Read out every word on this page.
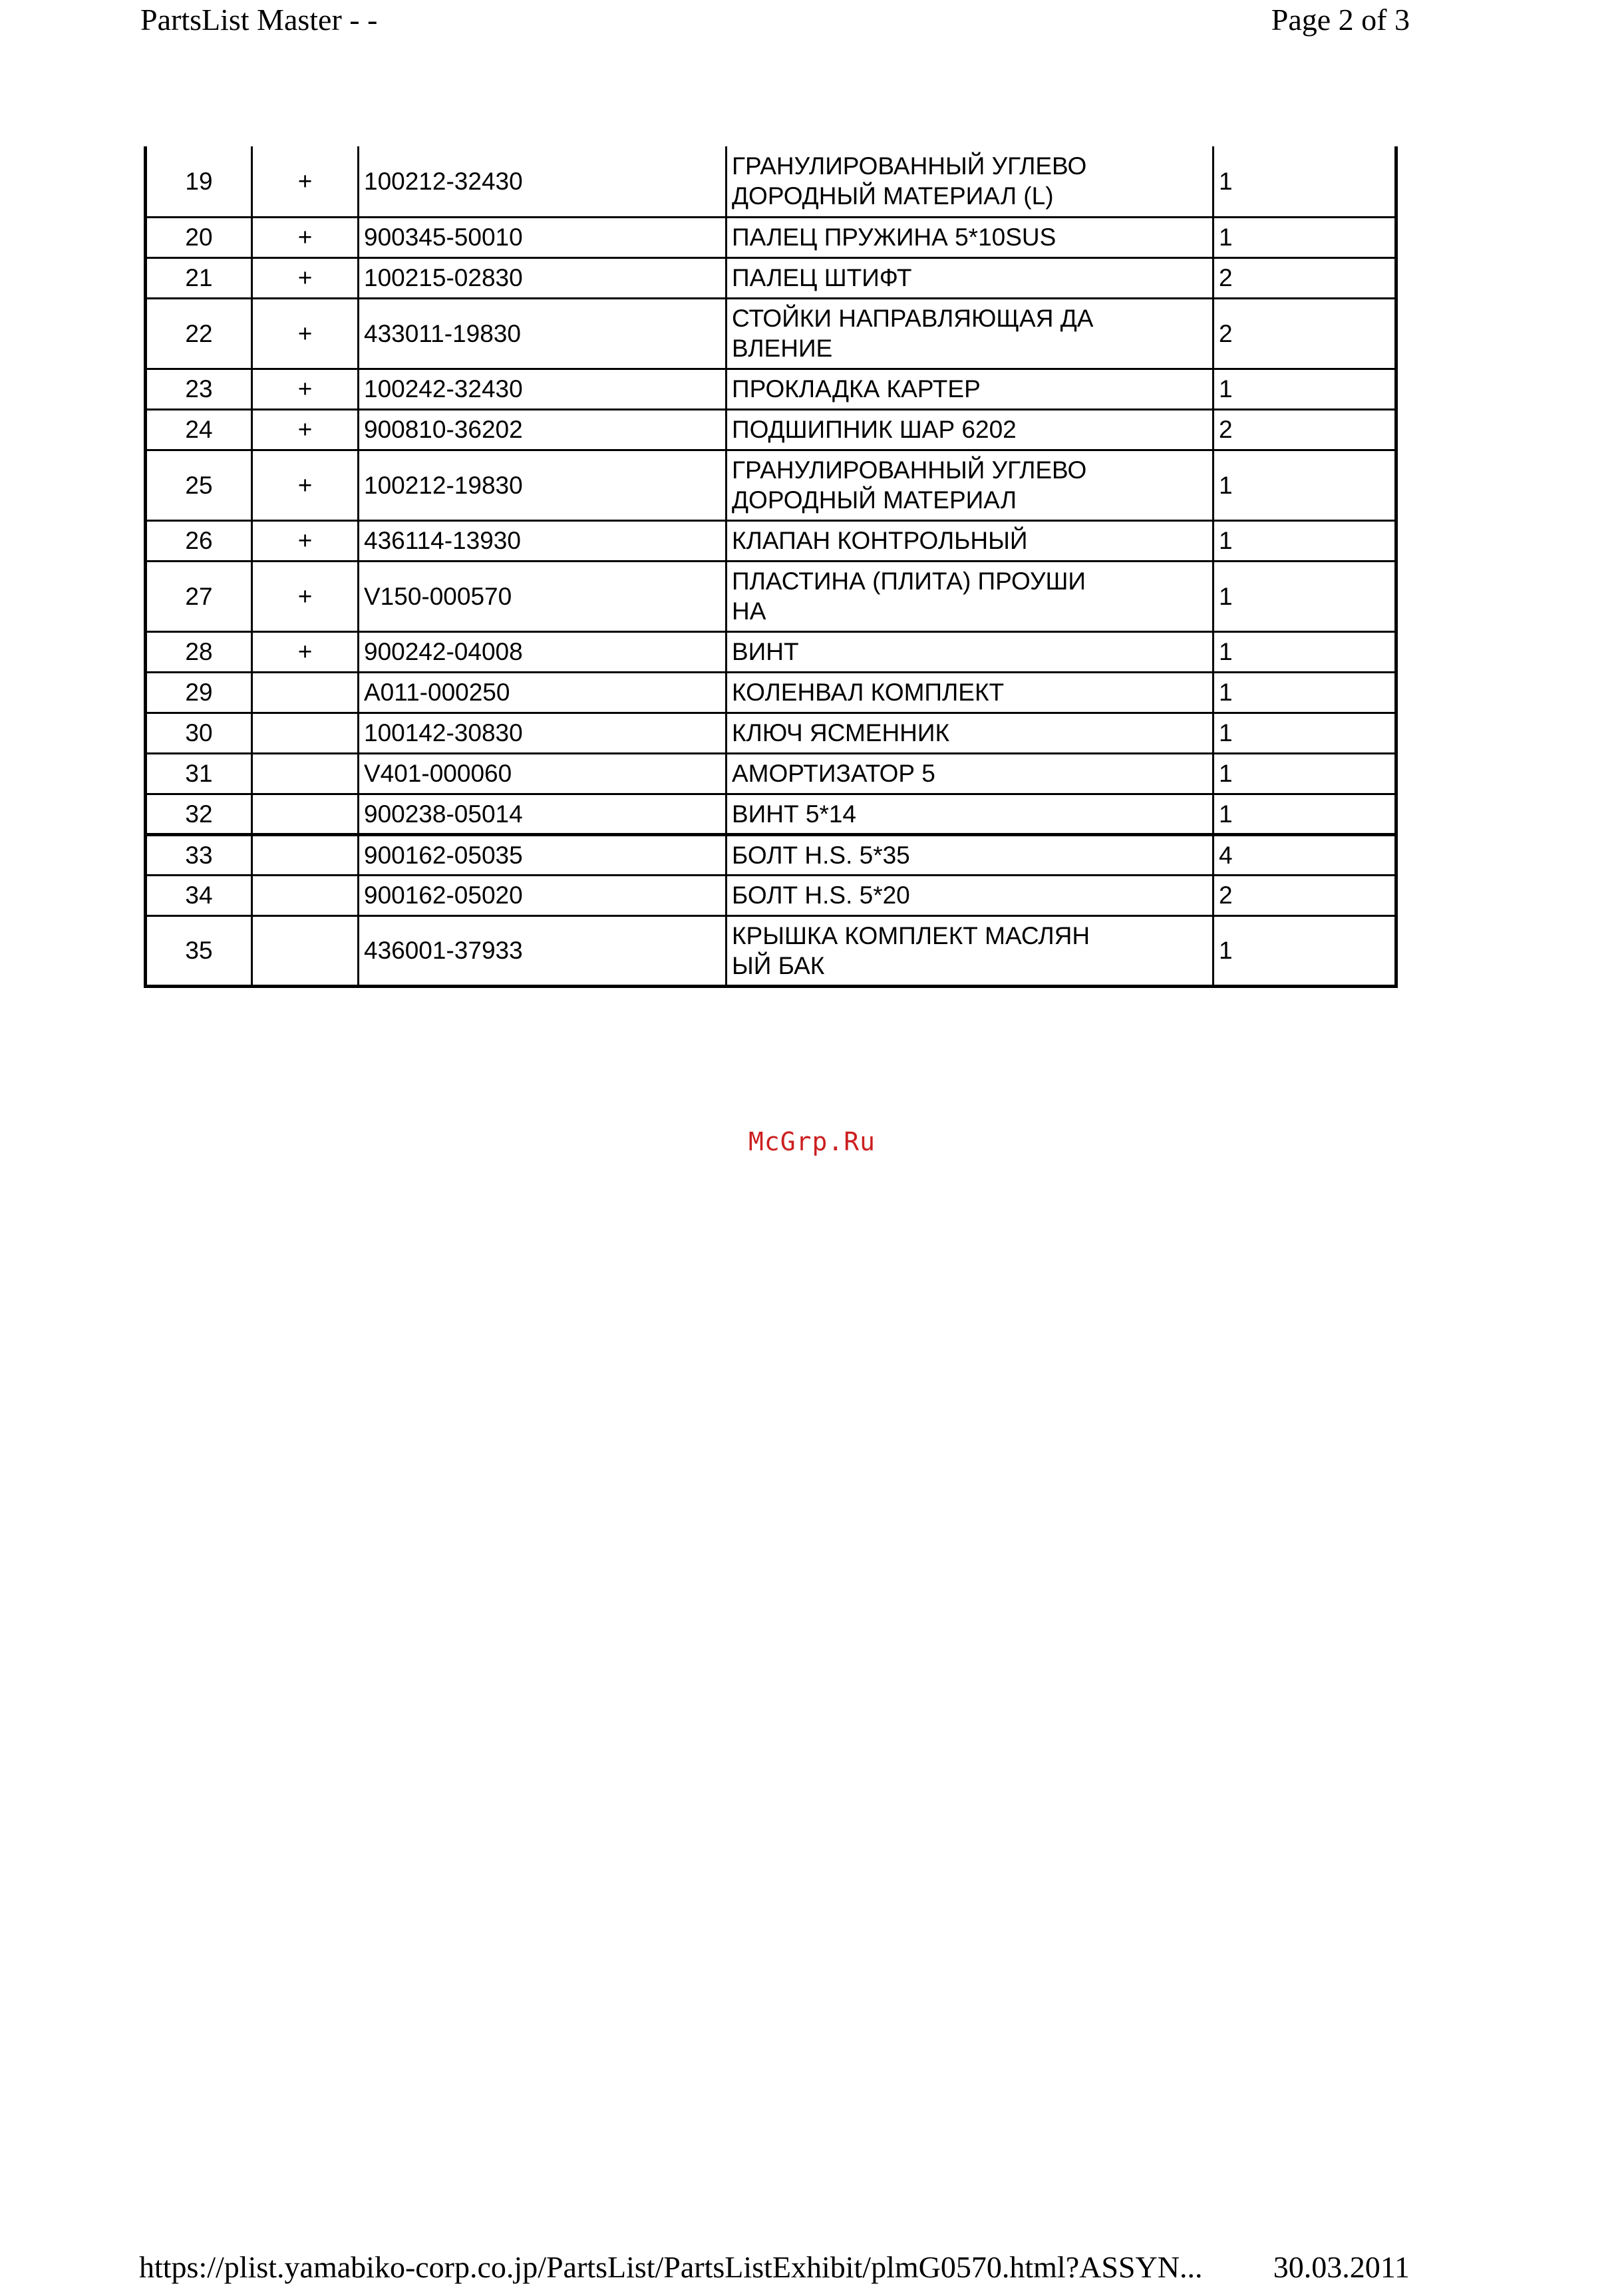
PartsList Master - -	Page 2 of 3
19	+	100212-32430	ГРАНУЛИРОВАННЫЙ УГЛЕВО
ДОРОДНЫЙ МАТЕРИАЛ (L)	1
20	+	900345-50010	ПАЛЕЦ ПРУЖИНА 5*10SUS	1
21	+	100215-02830	ПАЛЕЦ ШТИФТ	2
22	+	433011-19830	СТОЙКИ НАПРАВЛЯЮЩАЯ ДА
ВЛЕНИЕ	2
23	+	100242-32430	ПРОКЛАДКА КАРТЕР	1
24	+	900810-36202	ПОДШИПНИК ШАР 6202	2
25	+	100212-19830	ГРАНУЛИРОВАННЫЙ УГЛЕВО
ДОРОДНЫЙ МАТЕРИАЛ	1
26	+	436114-13930	КЛАПАН КОНТРОЛЬНЫЙ	1
27	+	V150-000570	ПЛАСТИНА (ПЛИТА) ПРОУШИ
НА	1
28	+	900242-04008	ВИНТ	1
29		A011-000250	КОЛЕНВАЛ КОМПЛЕКТ	1
30		100142-30830	КЛЮЧ ЯСМЕННИК	1
31		V401-000060	АМОРТИЗАТОР 5	1
32		900238-05014	ВИНТ 5*14	1
33		900162-05035	БОЛТ H.S. 5*35	4
34		900162-05020	БОЛТ H.S. 5*20	2
35		436001-37933	КРЫШКА КОМПЛЕКТ МАСЛЯН
ЫЙ БАК	1
McGrp.Ru
https://plist.yamabiko-corp.co.jp/PartsList/PartsListExhibit/plmG0570.html?ASSYN... 30.03.2011
